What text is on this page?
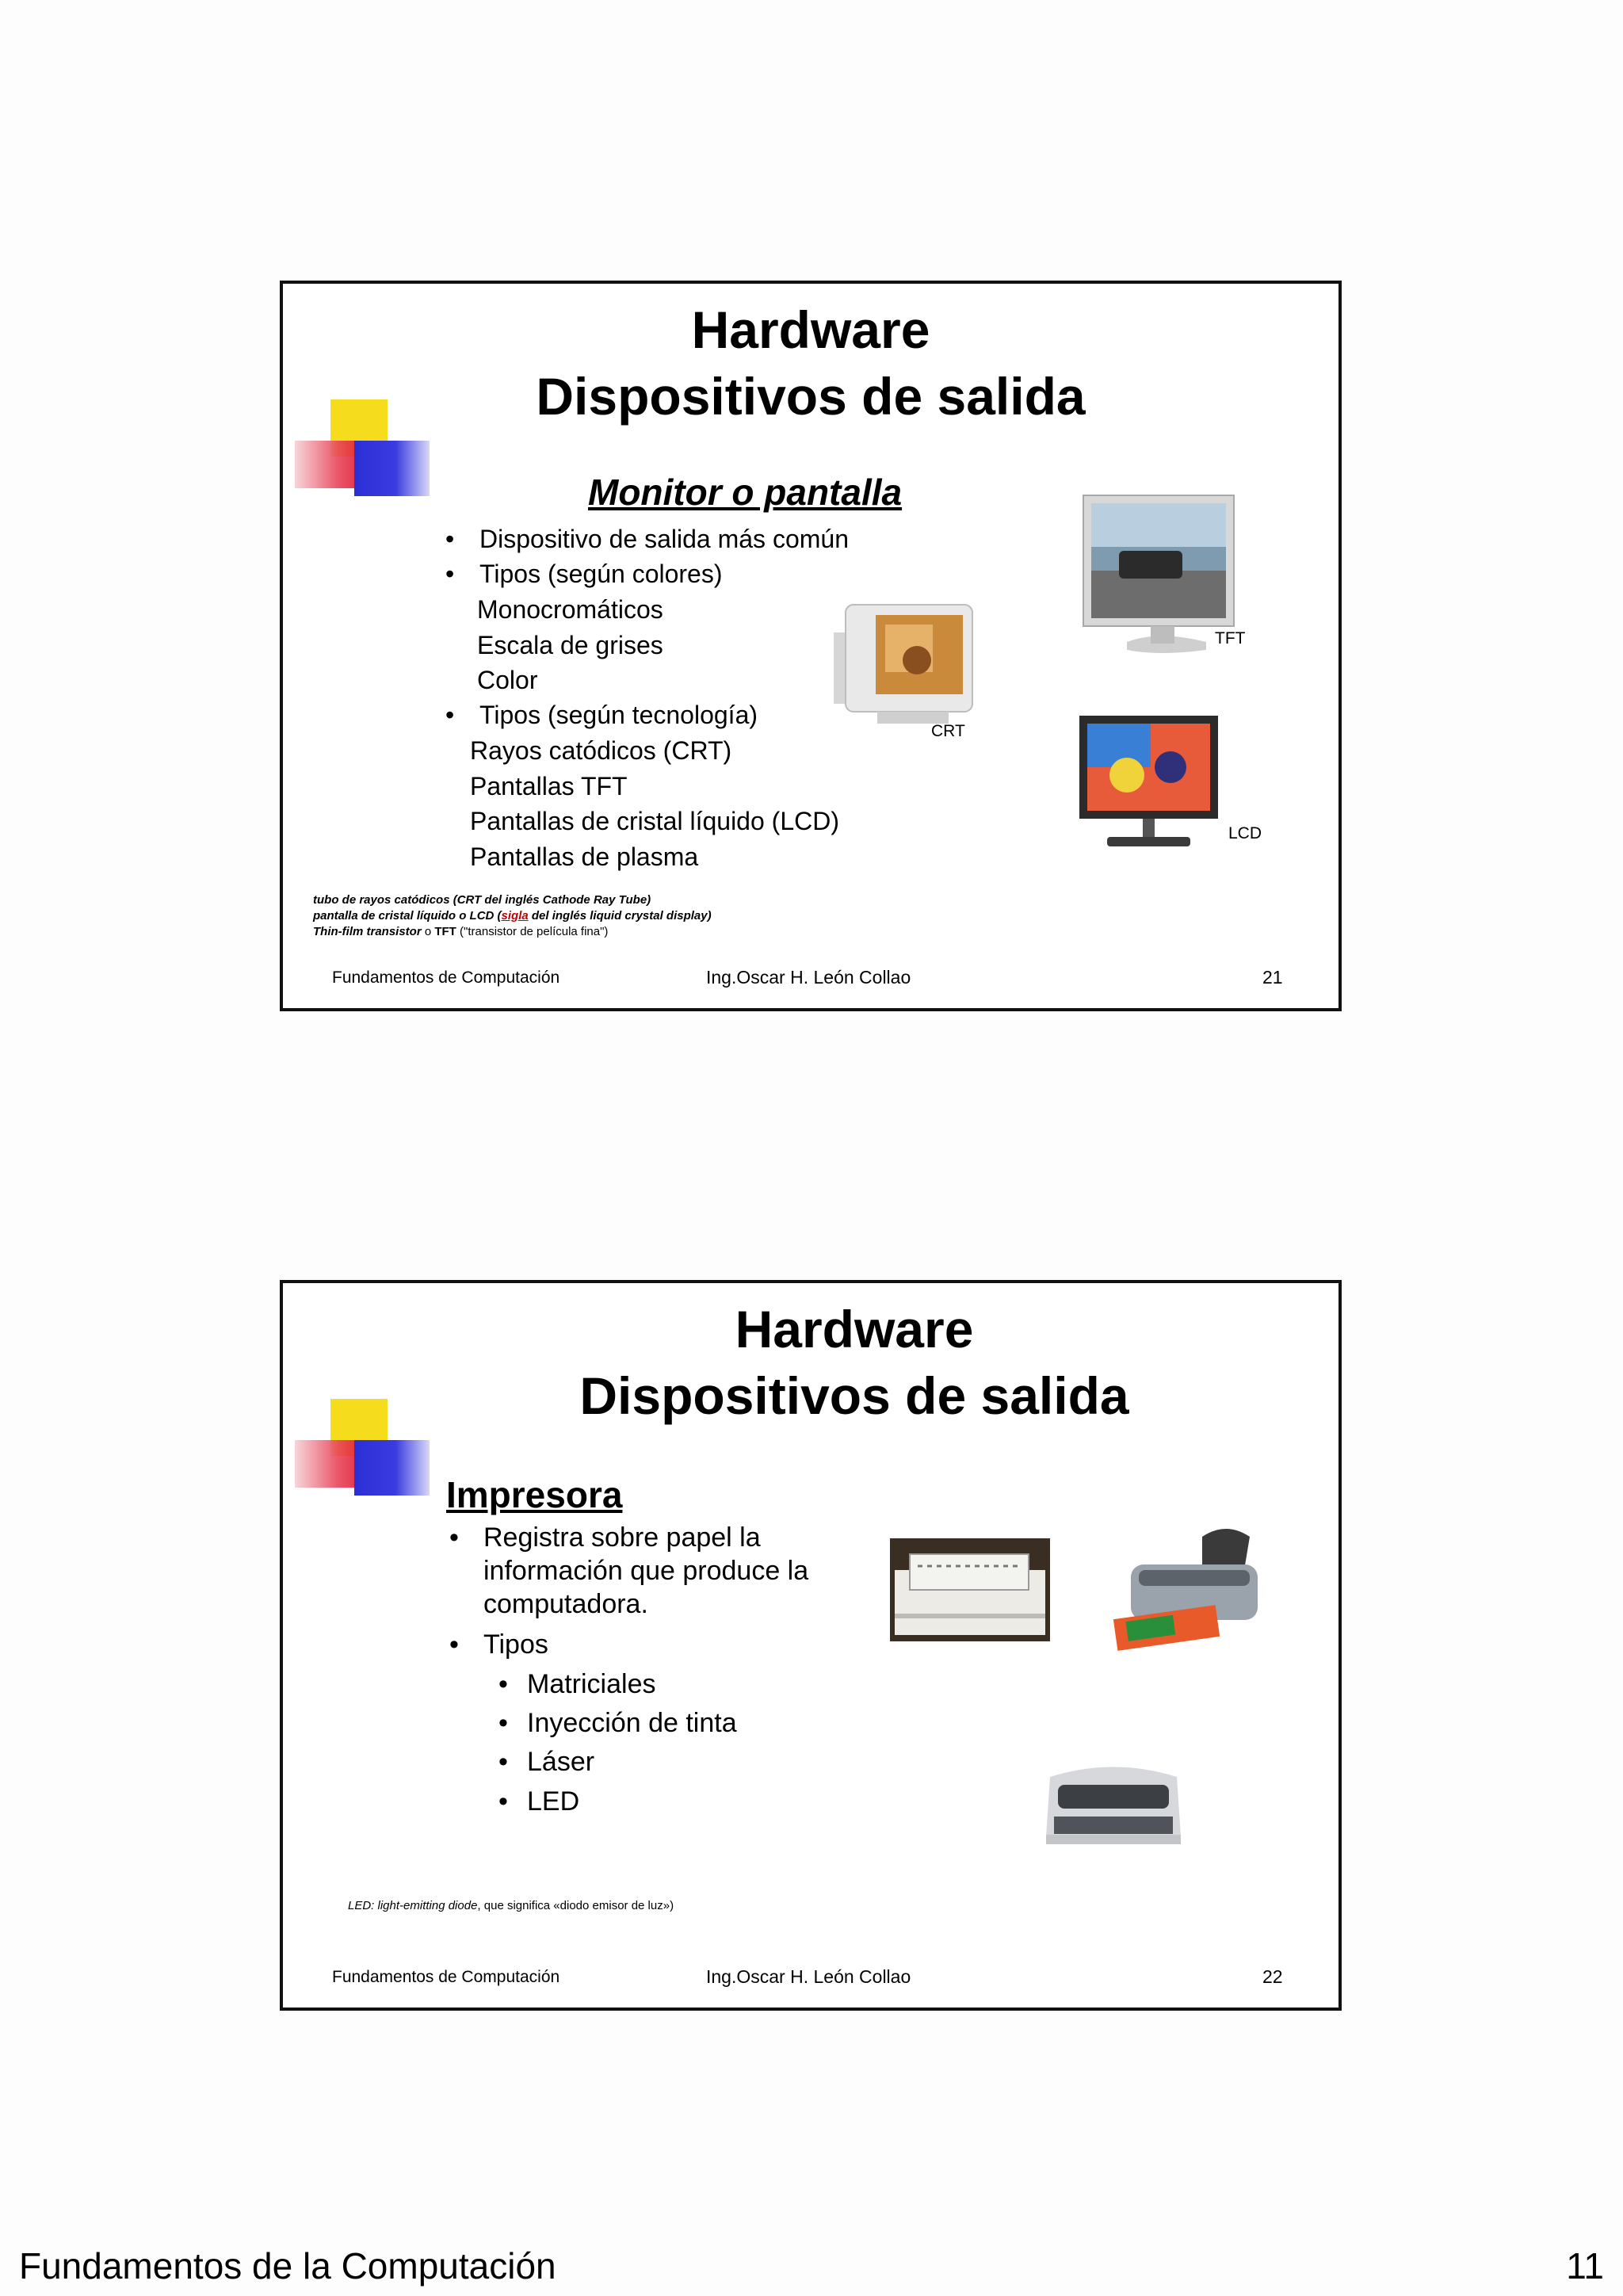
Hardware
Dispositivos de salida
Monitor o pantalla
• Dispositivo de salida más común
• Tipos (según colores)
Monocromáticos
Escala de grises
Color
• Tipos (según tecnología)
Rayos catódicos (CRT)
Pantallas TFT
Pantallas de cristal líquido (LCD)
Pantallas de plasma
CRT
TFT
LCD
tubo de rayos catódicos (CRT del inglés Cathode Ray Tube)
pantalla de cristal líquido o LCD (sigla del inglés liquid crystal display)
Thin-film transistor o TFT ("transistor de película fina")
Fundamentos de Computación	Ing.Oscar H. León Collao	21
Hardware
Dispositivos de salida
Impresora
• Registra sobre papel la
información que produce la
computadora.
• Tipos
• Matriciales
• Inyección de tinta
• Láser
• LED
LED: light-emitting diode, que significa «diodo emisor de luz»)
Fundamentos de Computación	Ing.Oscar H. León Collao	22
Fundamentos de la Computación	11
